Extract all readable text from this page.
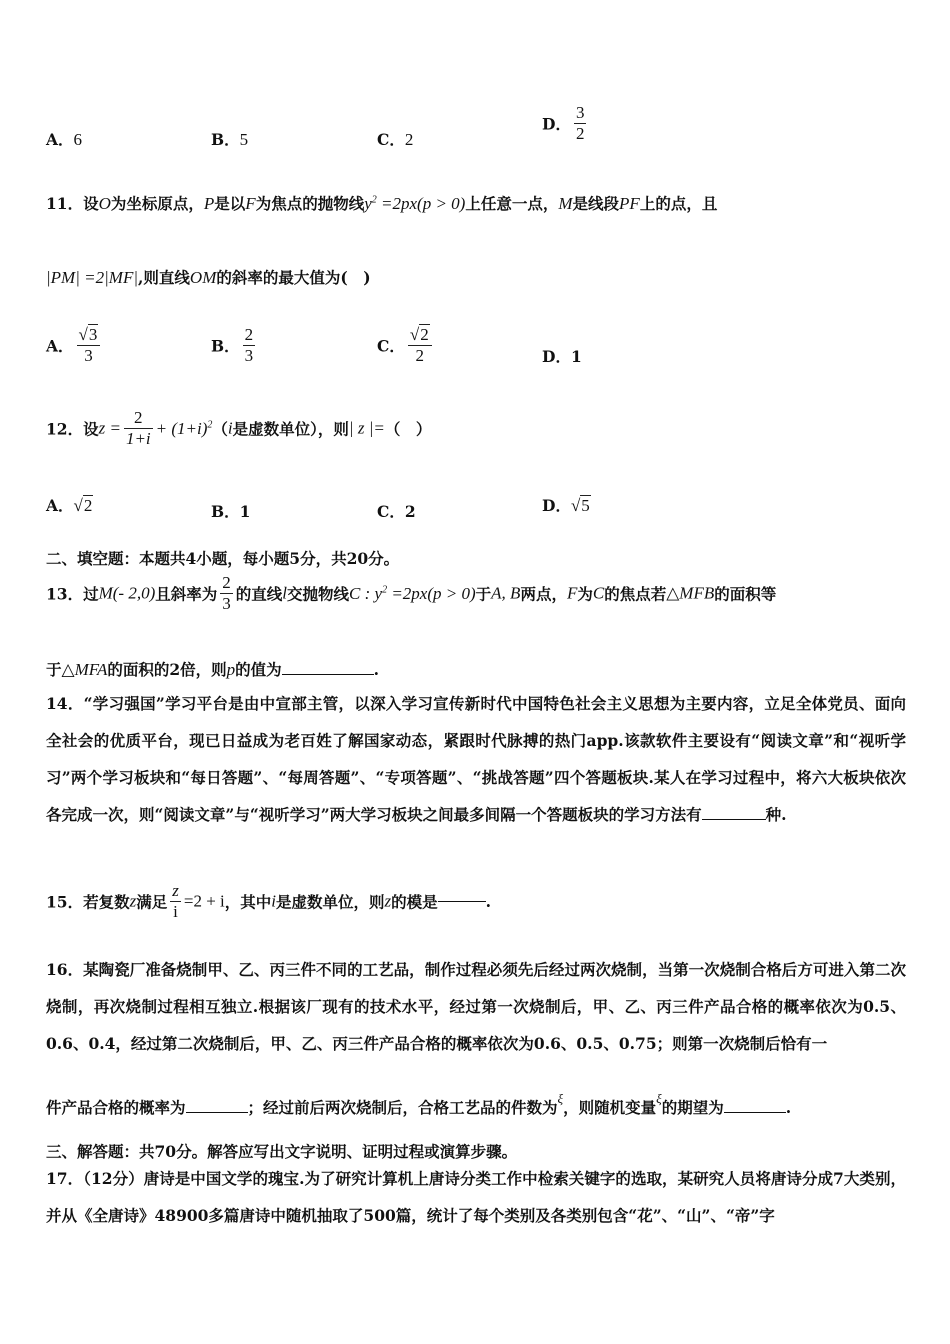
A．6	B．5	C．2
D． $\frac{3}{2}$
11．设O为坐标原点，P是以F为焦点的抛物线$y^2 =2px(p > 0)$上任意一点，M是线段PF上的点，且
|PM| =2|MF|,则直线OM的斜率的最大值为(　)
A． $\frac{√3}{3}$	B． $\frac{2}{3}$	C． $\frac{√2}{2}$	D．1
12．设$z = \frac{2}{1+i} + (1+i)^2(i$是虚数单位），则| z |=（　）
A．√2	B．1	C．2	D．√5
二、填空题：本题共4小题，每小题5分，共20分。
13．过M(- 2,0)且斜率为 $\frac{2}{3}$ 的直线l交抛物线C : $y^2 =2px(p > 0)$于A, B两点，F为C的焦点若△MFB的面积等
于△MFA的面积的2倍，则p的值为	.
14．“学习强国”学习平台是由中宣部主管，以深入学习宣传新时代中国特色社会主义思想为主要内容，立足全体党员、面向全社会的优质平台，现已日益成为老百姓了解国家动态，紧跟时代脉搏的热门app.该款软件主要设有“阅读文章”和“视听学习”两个学习板块和“每日答题”、“每周答题”、“专项答题”、“挑战答题”四个答题板块.某人在学习过程中，将六大板块依次各完成一次，则“阅读文章”与“视听学习”两大学习板块之间最多间隔一个答题板块的学习方法有	种.
15．若复数z满足 $\frac{z}{i} =2 + i$，其中i是虚数单位，则z的模是	.
16．某陶瓷厂准备烧制甲、乙、丙三件不同的工艺品，制作过程必须先后经过两次烧制，当第一次烧制合格后方可进入第二次烧制，再次烧制过程相互独立.根据该厂现有的技术水平，经过第一次烧制后，甲、乙、丙三件产品合格的概率依次为0.5、0.6、0.4，经过第二次烧制后，甲、乙、丙三件产品合格的概率依次为0.6、0.5、0.75；则第一次烧制后恰有一
件产品合格的概率为	；经过前后两次烧制后，合格工艺品的件数为$^\xi$，则随机变量$^\xi$的期望为	.
三、解答题：共70分。解答应写出文字说明、证明过程或演算步骤。
17．（12分）唐诗是中国文学的瑰宝.为了研究计算机上唐诗分类工作中检索关键字的选取，某研究人员将唐诗分成7大类别，并从《全唐诗》48900多篇唐诗中随机抽取了500篇，统计了每个类别及各类别包含“花”、“山”、“帝”字
